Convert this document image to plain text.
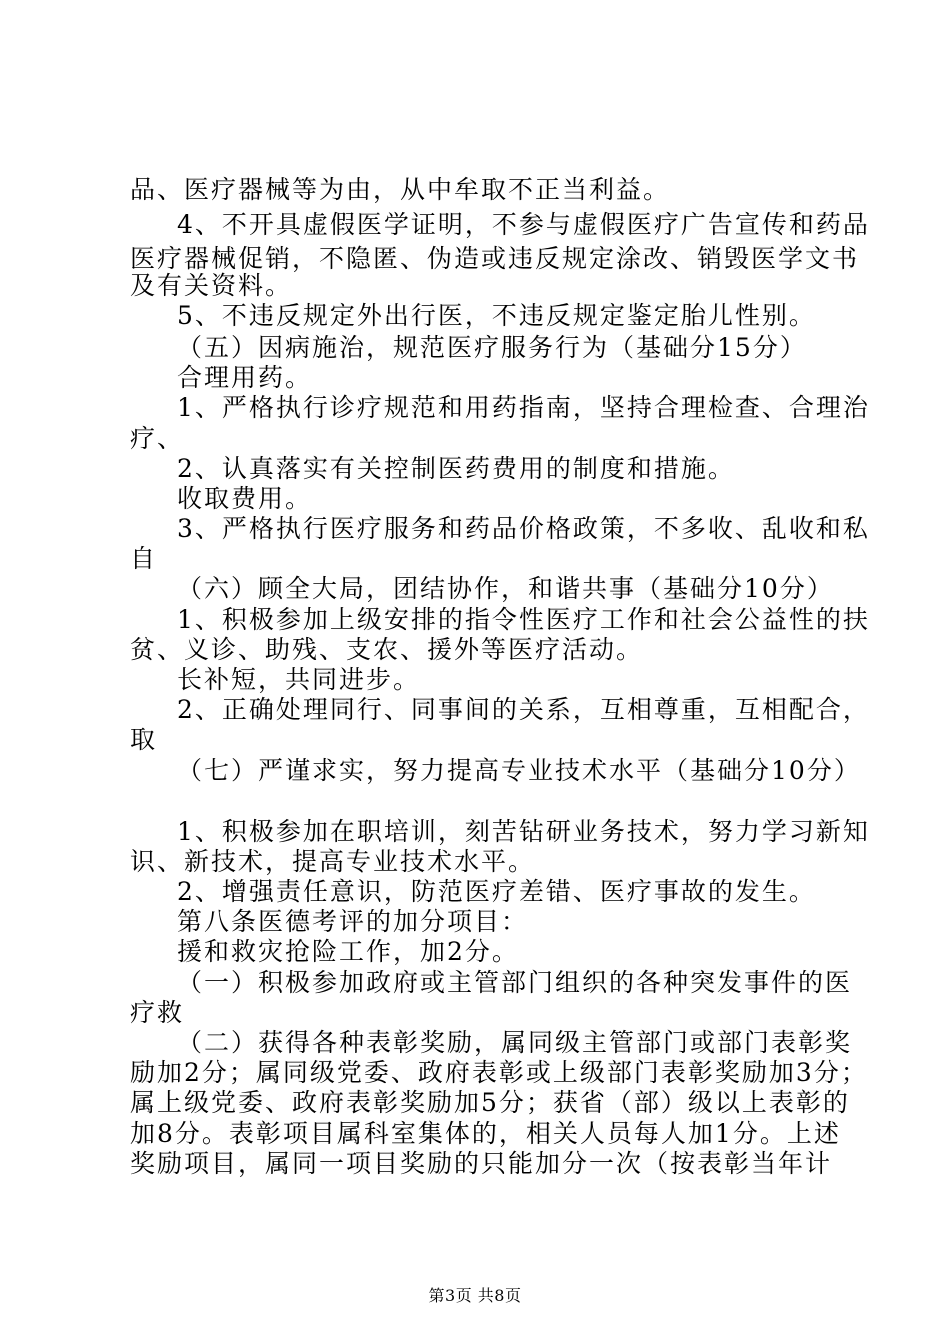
品、医疗器械等为由，从中牟取不正当利益。
4、不开具虚假医学证明，不参与虚假医疗广告宣传和药品
医疗器械促销，不隐匿、伪造或违反规定涂改、销毁医学文书
及有关资料。
5、不违反规定外出行医，不违反规定鉴定胎儿性别。
（五）因病施治，规范医疗服务行为（基础分15分）
合理用药。
1、严格执行诊疗规范和用药指南，坚持合理检查、合理治
疗、
2、认真落实有关控制医药费用的制度和措施。
收取费用。
3、严格执行医疗服务和药品价格政策，不多收、乱收和私
自
（六）顾全大局，团结协作，和谐共事（基础分10分）
1、积极参加上级安排的指令性医疗工作和社会公益性的扶
贫、义诊、助残、支农、援外等医疗活动。
长补短，共同进步。
2、正确处理同行、同事间的关系，互相尊重，互相配合，
取
（七）严谨求实，努力提高专业技术水平（基础分10分）
1、积极参加在职培训，刻苦钻研业务技术，努力学习新知
识、新技术，提高专业技术水平。
2、增强责任意识，防范医疗差错、医疗事故的发生。
第八条医德考评的加分项目：
援和救灾抢险工作，加2分。
（一）积极参加政府或主管部门组织的各种突发事件的医
疗救
（二）获得各种表彰奖励，属同级主管部门或部门表彰奖
励加2分；属同级党委、政府表彰或上级部门表彰奖励加3分；
属上级党委、政府表彰奖励加5分；获省（部）级以上表彰的
加8分。表彰项目属科室集体的，相关人员每人加1分。上述
奖励项目，属同一项目奖励的只能加分一次（按表彰当年计
第3页 共8页
